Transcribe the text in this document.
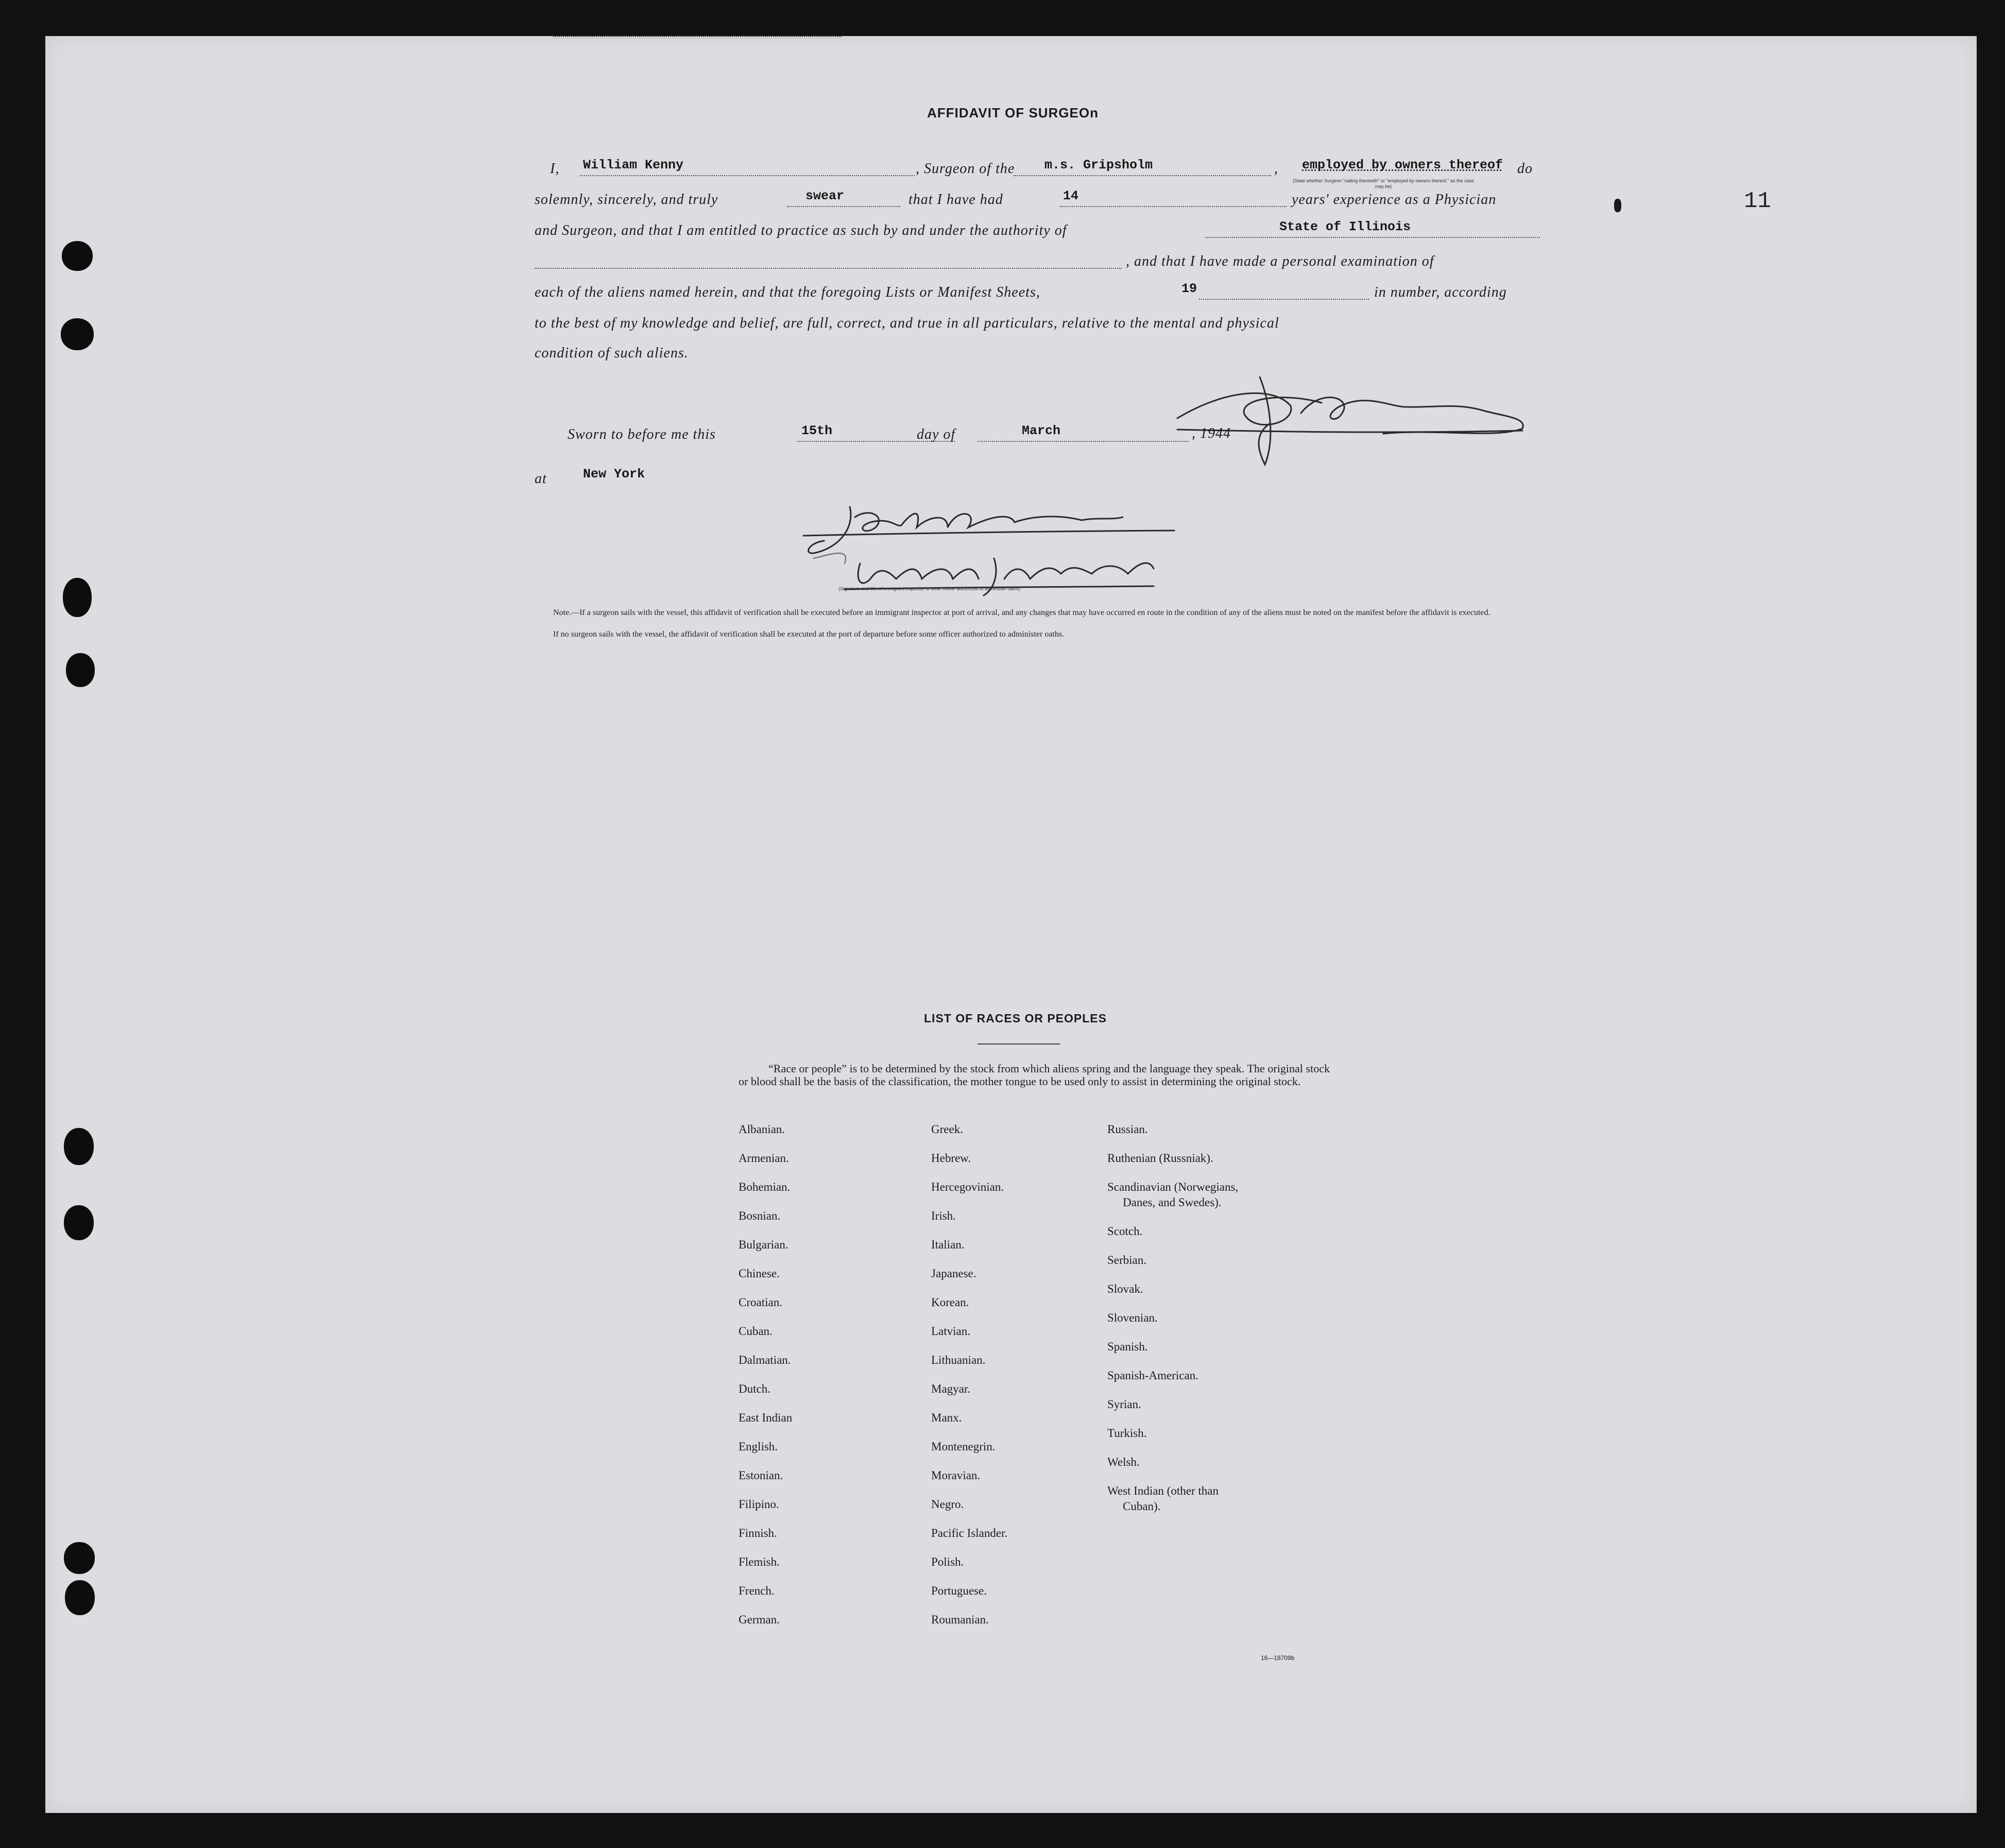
AFFIDAVIT OF SURGEOn
I, William Kenny	, Surgeon of the m.s. Gripsholm	, employed by owners thereof do
(State whether Surgeon "sailing therewith" or "employed by owners thereof," as the case may be)
solemnly, sincerely, and truly	swear	that I have had	14	years' experience as a Physician
and Surgeon, and that I am entitled to practice as such by and under the authority of	State of Illinois
, and that I have made a personal examination of
each of the aliens named herein, and that the foregoing Lists or Manifest Sheets,	19	in number, according
to the best of my knowledge and belief, are full, correct, and true in all particulars, relative to the mental and physical
condition of such aliens.
Sworn to before me this	15th	day of	March	, 1944
at	New York
(Signature and title of immigrant inspector or other officer authorized to administer oaths)
Note.—If a surgeon sails with the vessel, this affidavit of verification shall be executed before an immigrant inspector at port of arrival, and any changes that may have occurred en route in the condition of any of the aliens must be noted on the manifest before the affidavit is executed.
If no surgeon sails with the vessel, the affidavit of verification shall be executed at the port of departure before some officer authorized to administer oaths.
11
LIST OF RACES OR PEOPLES
“Race or people” is to be determined by the stock from which aliens spring and the language they speak. The original stock or blood shall be the basis of the classification, the mother tongue to be used only to assist in determining the original stock.
Albanian.
Armenian.
Bohemian.
Bosnian.
Bulgarian.
Chinese.
Croatian.
Cuban.
Dalmatian.
Dutch.
East Indian
English.
Estonian.
Filipino.
Finnish.
Flemish.
French.
German.
Greek.
Hebrew.
Hercegovinian.
Irish.
Italian.
Japanese.
Korean.
Latvian.
Lithuanian.
Magyar.
Manx.
Montenegrin.
Moravian.
Negro.
Pacific Islander.
Polish.
Portuguese.
Roumanian.
Russian.
Ruthenian (Russniak).
Scandinavian (Norwegians,
Danes, and Swedes).
Scotch.
Serbian.
Slovak.
Slovenian.
Spanish.
Spanish-American.
Syrian.
Turkish.
Welsh.
West Indian (other than
Cuban).
16—18709b
